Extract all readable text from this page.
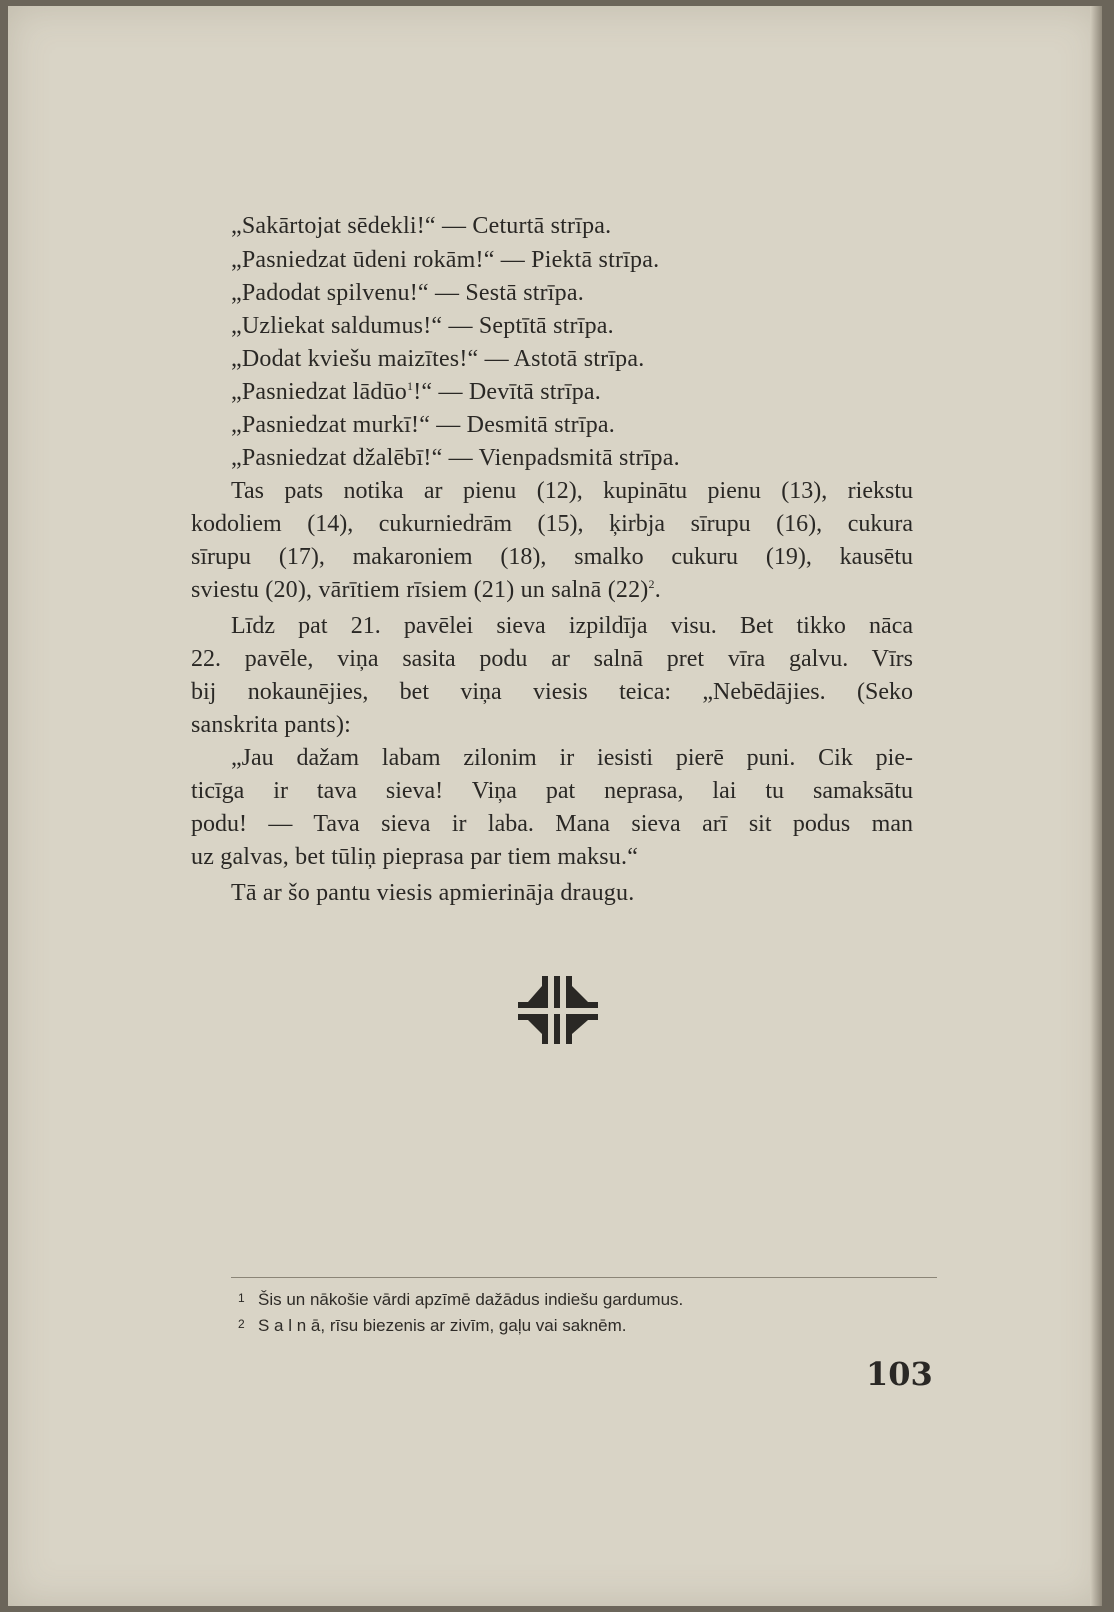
„Sakārtojat sēdekli!“ — Ceturtā strīpa.
„Pasniedzat ūdeni rokām!“ — Piektā strīpa.
„Padodat spilvenu!“ — Sestā strīpa.
„Uzliekat saldumus!“ — Septītā strīpa.
„Dodat kviešu maizītes!“ — Astotā strīpa.
„Pasniedzat lādūo$^1$!“ — Devītā strīpa.
„Pasniedzat murkī!“ — Desmitā strīpa.
„Pasniedzat džalēbī!“ — Vienpadsmitā strīpa.
Tas pats notika ar pienu (12), kupinātu pienu (13), riekstu
kodoliem (14), cukurniedrām (15), ķirbja sīrupu (16), cukura
sīrupu (17), makaroniem (18), smalko cukuru (19), kausētu
sviestu (20), vārītiem rīsiem (21) un salnā $(22)^2$.
Līdz pat 21. pavēlei sieva izpildīja visu. Bet tikko nāca
22. pavēle, viņa sasita podu ar salnā pret vīra galvu. Vīrs
bij nokaunējies, bet viņa viesis teica: „Nebēdājies. (Seko
sanskrita pants):
„Jau dažam labam zilonim ir iesisti pierē puni. Cik pie-
ticīga ir tava sieva! Viņa pat neprasa, lai tu samaksātu
podu! — Tava sieva ir laba. Mana sieva arī sit podus man
uz galvas, bet tūliņ pieprasa par tiem maksu.“
Tā ar šo pantu viesis apmierināja draugu.
1 Šis un nākošie vārdi apzīmē dažādus indiešu gardumus.
2 S a l n ā, rīsu biezenis ar zivīm, gaļu vai saknēm.
103
